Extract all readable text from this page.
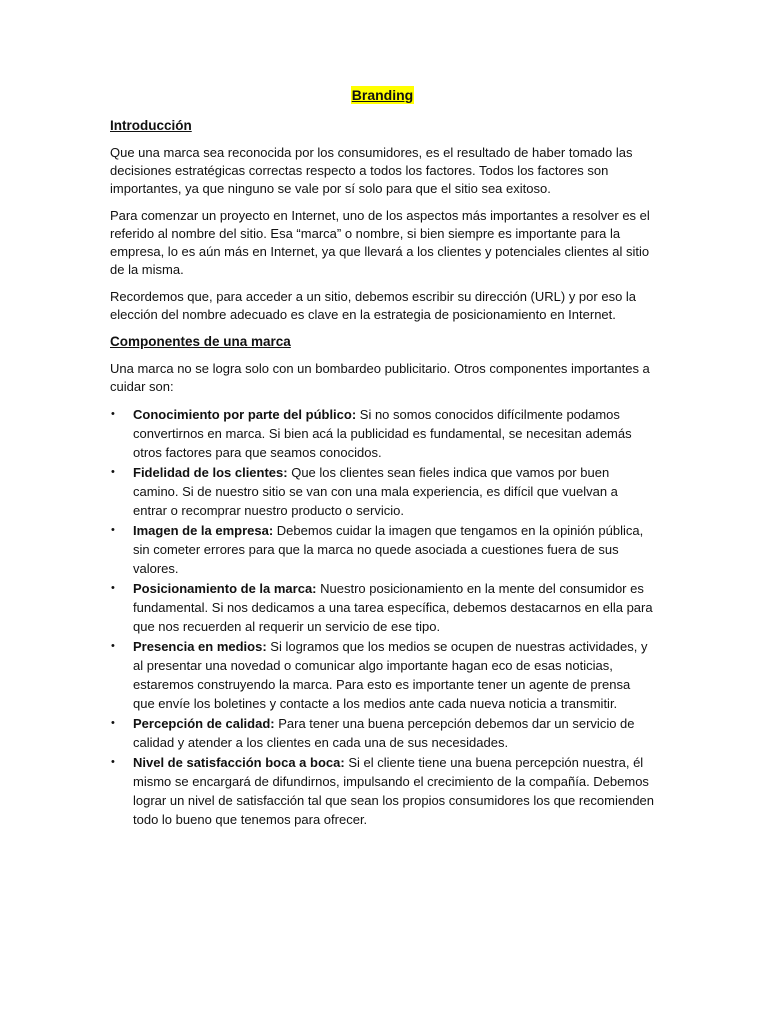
Branding
Introducción

Que una marca sea reconocida por los consumidores, es el resultado de haber tomado las decisiones estratégicas correctas respecto a todos los factores. Todos los factores son importantes, ya que ninguno se vale por sí solo para que el sitio sea exitoso.

Para comenzar un proyecto en Internet, uno de los aspectos más importantes a resolver es el referido al nombre del sitio. Esa “marca” o nombre, si bien siempre es importante para la empresa, lo es aún más en Internet, ya que llevará a los clientes y potenciales clientes al sitio de la misma.

Recordemos que, para acceder a un sitio, debemos escribir su dirección (URL) y por eso la elección del nombre adecuado es clave en la estrategia de posicionamiento en Internet.

Componentes de una marca

Una marca no se logra solo con un bombardeo publicitario. Otros componentes importantes a cuidar son:

• Conocimiento por parte del público: Si no somos conocidos difícilmente podamos convertirnos en marca. Si bien acá la publicidad es fundamental, se necesitan además otros factores para que seamos conocidos.
• Fidelidad de los clientes: Que los clientes sean fieles indica que vamos por buen camino. Si de nuestro sitio se van con una mala experiencia, es difícil que vuelvan a entrar o recomprar nuestro producto o servicio.
• Imagen de la empresa: Debemos cuidar la imagen que tengamos en la opinión pública, sin cometer errores para que la marca no quede asociada a cuestiones fuera de sus valores.
• Posicionamiento de la marca: Nuestro posicionamiento en la mente del consumidor es fundamental. Si nos dedicamos a una tarea específica, debemos destacarnos en ella para que nos recuerden al requerir un servicio de ese tipo.
• Presencia en medios: Si logramos que los medios se ocupen de nuestras actividades, y al presentar una novedad o comunicar algo importante hagan eco de esas noticias, estaremos construyendo la marca. Para esto es importante tener un agente de prensa que envíe los boletines y contacte a los medios ante cada nueva noticia a transmitir.
• Percepción de calidad: Para tener una buena percepción debemos dar un servicio de calidad y atender a los clientes en cada una de sus necesidades.
• Nivel de satisfacción boca a boca: Si el cliente tiene una buena percepción nuestra, él mismo se encargará de difundirnos, impulsando el crecimiento de la compañía. Debemos lograr un nivel de satisfacción tal que sean los propios consumidores los que recomienden todo lo bueno que tenemos para ofrecer.
